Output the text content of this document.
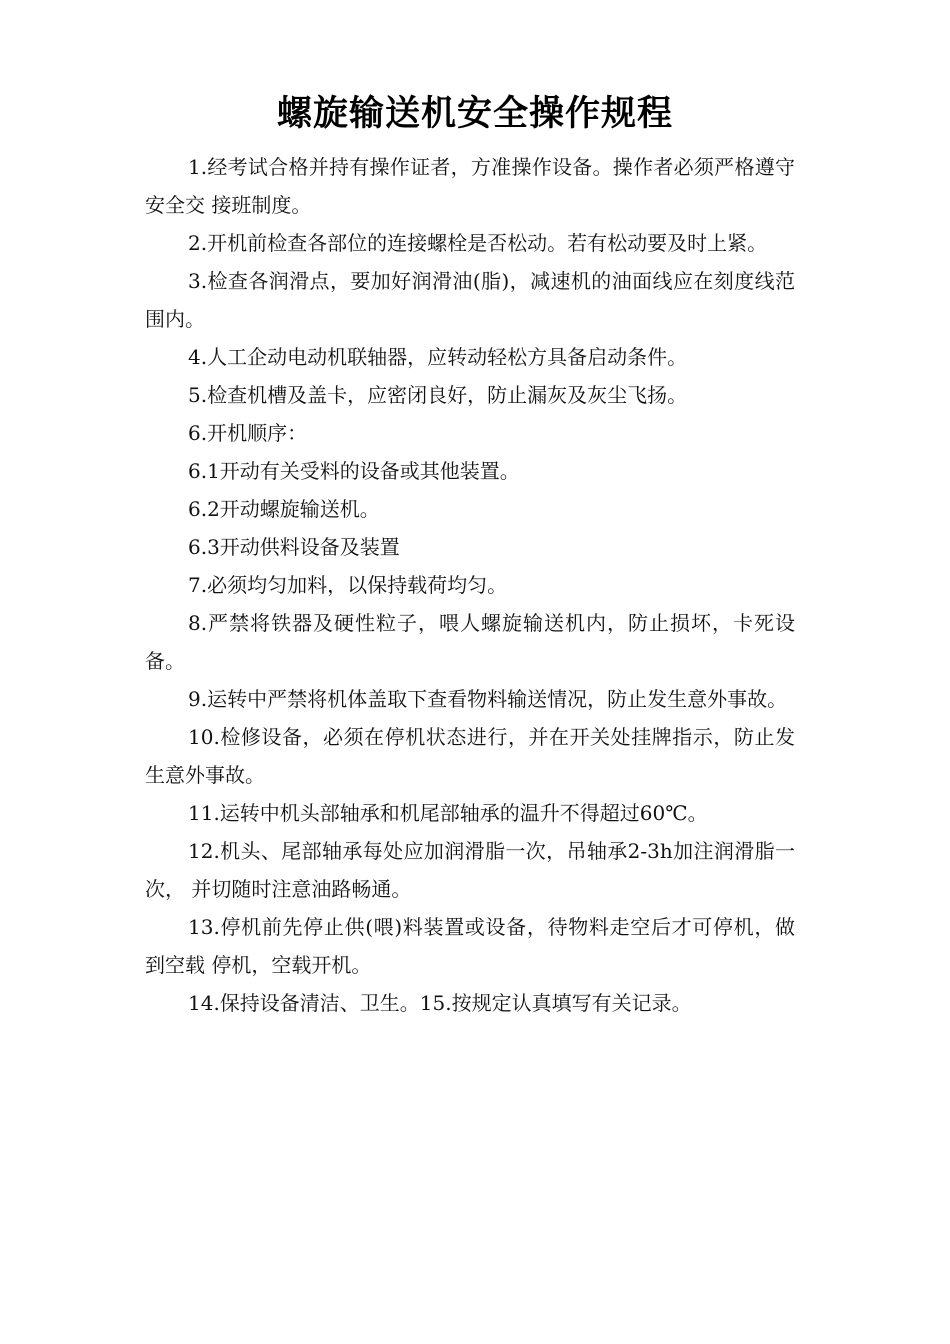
螺旋输送机安全操作规程

1.经考试合格并持有操作证者，方准操作设备。操作者必须严格遵守安全交 接班制度。

2.开机前检查各部位的连接螺栓是否松动。若有松动要及时上紧。

3.检查各润滑点，要加好润滑油(脂)，减速机的油面线应在刻度线范围内。

4.人工企动电动机联轴器，应转动轻松方具备启动条件。

5.检查机槽及盖卡，应密闭良好，防止漏灰及灰尘飞扬。

6.开机顺序：

6.1开动有关受料的设备或其他装置。

6.2开动螺旋输送机。

6.3开动供料设备及装置

7.必须均匀加料，以保持载荷均匀。

8.严禁将铁器及硬性粒子，喂人螺旋输送机内，防止损坏，卡死设备。

9.运转中严禁将机体盖取下查看物料输送情况，防止发生意外事故。

10.检修设备，必须在停机状态进行，并在开关处挂牌指示，防止发生意外事故。

11.运转中机头部轴承和机尾部轴承的温升不得超过60℃。

12.机头、尾部轴承每处应加润滑脂一次，吊轴承2-3h加注润滑脂一次， 并切随时注意油路畅通。

13.停机前先停止供(喂)料装置或设备，待物料走空后才可停机，做到空载 停机，空载开机。

14.保持设备清洁、卫生。15.按规定认真填写有关记录。
